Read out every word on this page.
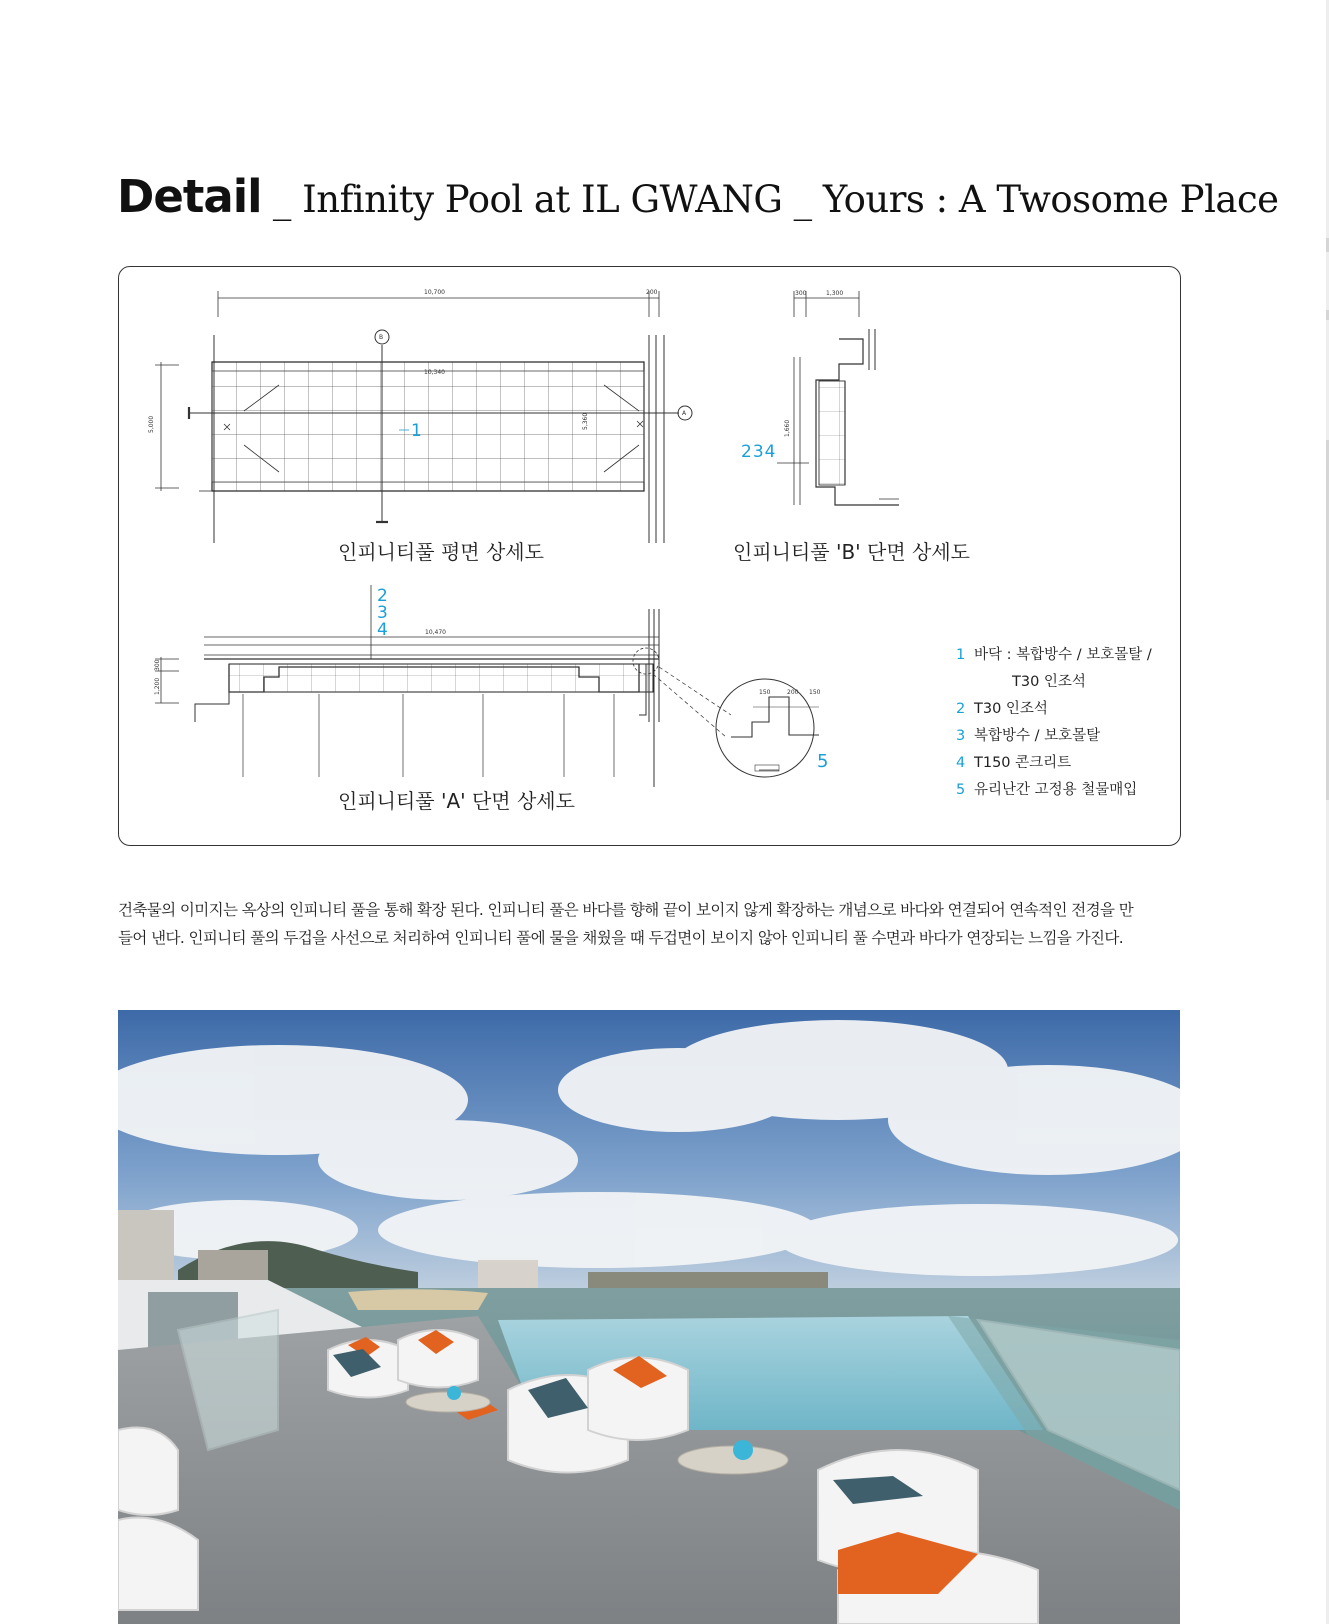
Detail _ Infinity Pool at IL GWANG _ Yours : A Twosome Place
10,700	200
10,340
5,000	5,360
B
A
1
300	1,300
1,660
234
10,470
300
1,200	150	200 150
2
3
4
5
인피니티풀 평면 상세도	인피니티풀 'B' 단면 상세도
인피니티풀 'A' 단면 상세도
1 바닥 : 복합방수 / 보호몰탈 /
T30 인조석
2 T30 인조석
3 복합방수 / 보호몰탈
4 T150 콘크리트
5 유리난간 고정용 철물매입

건축물의 이미지는 옥상의 인피니티 풀을 통해 확장 된다. 인피니티 풀은 바다를 향해 끝이 보이지 않게 확장하는 개념으로 바다와 연결되어 연속적인 전경을 만

들어 낸다. 인피니티 풀의 두겁을 사선으로 처리하여 인피니티 풀에 물을 채웠을 때 두겁면이 보이지 않아 인피니티 풀 수면과 바다가 연장되는 느낌을 가진다.
